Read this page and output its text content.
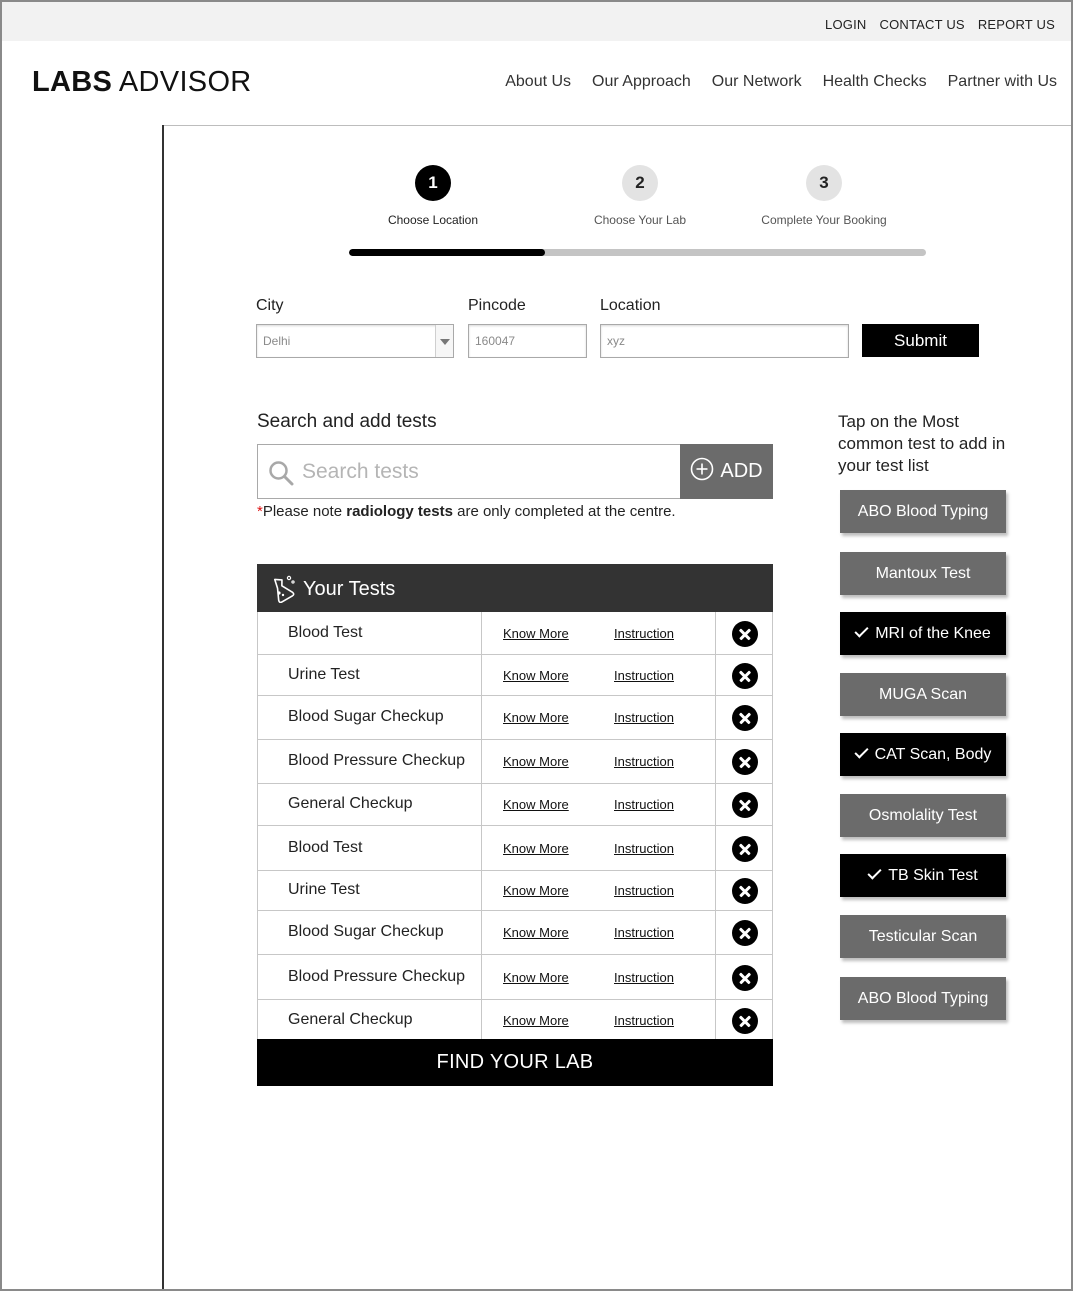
LOGIN CONTACT US REPORT US
LABS ADVISOR	About Us Our Approach Our Network Health Checks Partner with Us
1
Choose Location
2
Choose Your Lab
3
Complete Your Booking
City
Delhi
Pincode
160047	Location
xyz
Submit
Search and add tests
Search tests
ADD
*Please note radiology tests are only completed at the centre.
Your Tests
Blood Test	Know More	Instruction
Urine Test	Know More	Instruction
Blood Sugar Checkup	Know More	Instruction
Blood Pressure Checkup	Know More	Instruction
General Checkup	Know More	Instruction
Blood Test	Know More	Instruction
Urine Test	Know More	Instruction
Blood Sugar Checkup	Know More	Instruction
Blood Pressure Checkup	Know More	Instruction
General Checkup	Know More	Instruction
FIND YOUR LAB
Tap on the Most common test to add in your test list
ABO Blood Typing
Mantoux Test
MRI of the Knee
MUGA Scan
CAT Scan, Body
Osmolality Test
TB Skin Test
Testicular Scan
ABO Blood Typing
